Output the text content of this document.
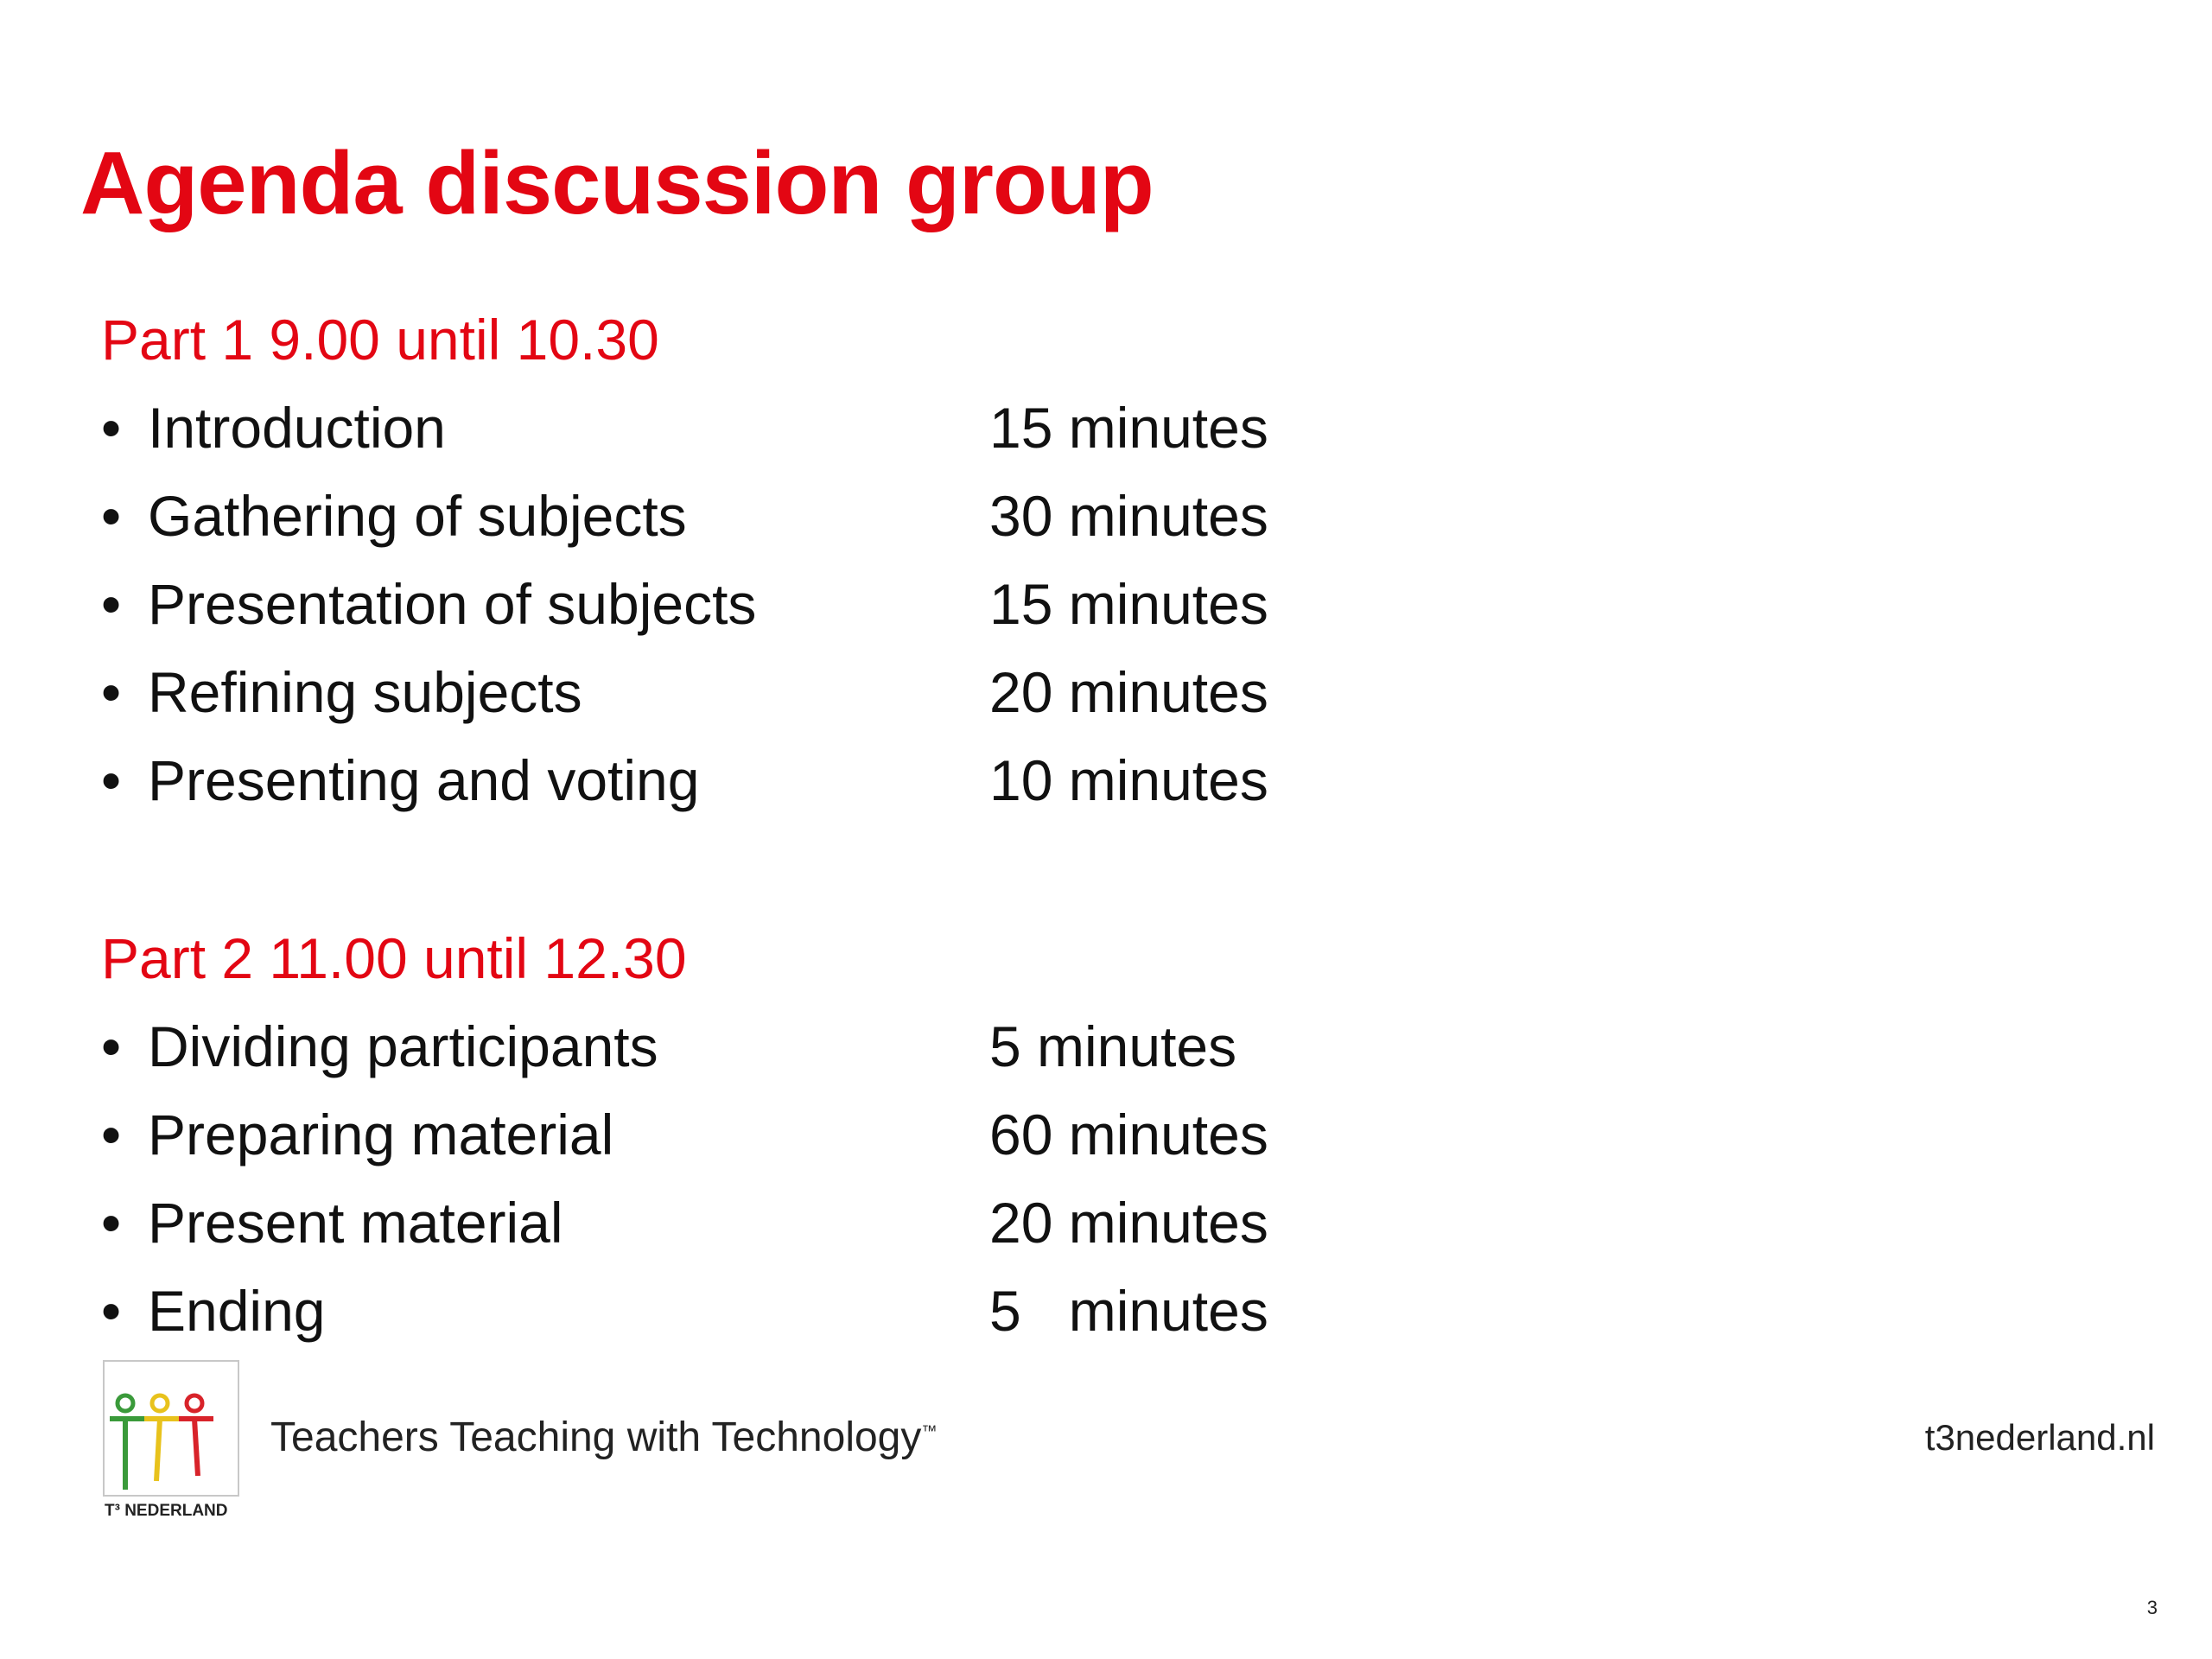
Agenda discussion group
Part 1 9.00 until 10.30
• Introduction	15 minutes
• Gathering of subjects	30 minutes
• Presentation of subjects	15 minutes
• Refining subjects	20 minutes
• Presenting and voting	10 minutes
Part 2 11.00 until 12.30
• Dividing participants	5 minutes
• Preparing material	60 minutes
• Present material	20 minutes
• Ending	5   minutes
T³ NEDERLAND
Teachers Teaching with Technology™	t3nederland.nl
3
